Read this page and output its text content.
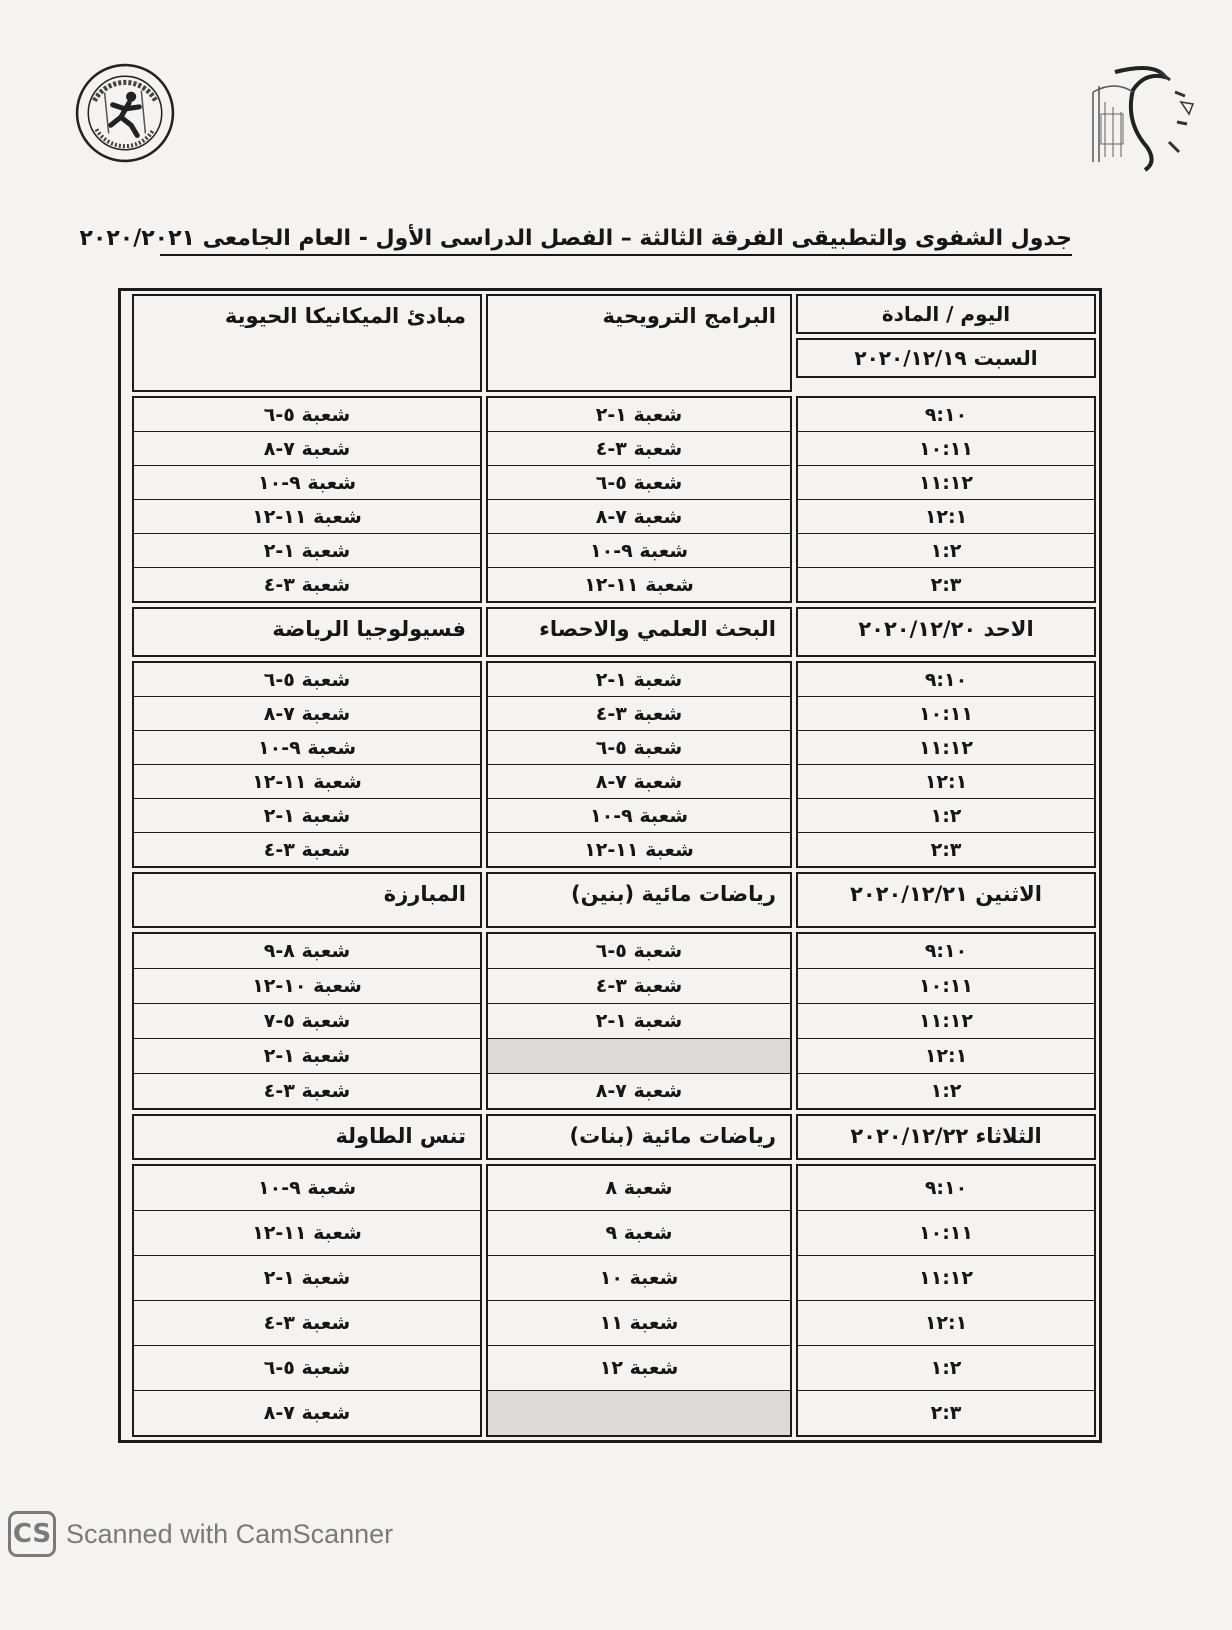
جدول الشفوى والتطبيقى الفرقة الثالثة – الفصل الدراسى الأول - العام الجامعى ٢٠٢٠/٢٠٢١
اليوم / المادة
السبت ٢٠٢٠/١٢/١٩
البرامج الترويحية
مبادئ الميكانيكا الحيوية
٩:١٠
١٠:١١
١١:١٢
١٢:١
١:٢
٢:٣
شعبة ١-٢
شعبة ٣-٤
شعبة ٥-٦
شعبة ٧-٨
شعبة ٩-١٠
شعبة ١١-١٢
شعبة ٥-٦
شعبة ٧-٨
شعبة ٩-١٠
شعبة ١١-١٢
شعبة ١-٢
شعبة ٣-٤
الاحد ٢٠٢٠/١٢/٢٠
البحث العلمي والاحصاء
فسيولوجيا الرياضة
٩:١٠
١٠:١١
١١:١٢
١٢:١
١:٢
٢:٣
شعبة ١-٢
شعبة ٣-٤
شعبة ٥-٦
شعبة ٧-٨
شعبة ٩-١٠
شعبة ١١-١٢
شعبة ٥-٦
شعبة ٧-٨
شعبة ٩-١٠
شعبة ١١-١٢
شعبة ١-٢
شعبة ٣-٤
الاثنين ٢٠٢٠/١٢/٢١
رياضات مائية (بنين)
المبارزة
٩:١٠
١٠:١١
١١:١٢
١٢:١
١:٢
شعبة ٥-٦
شعبة ٣-٤
شعبة ١-٢
شعبة ٧-٨
شعبة ٨-٩
شعبة ١٠-١٢
شعبة ٥-٧
شعبة ١-٢
شعبة ٣-٤
الثلاثاء ٢٠٢٠/١٢/٢٢
رياضات مائية (بنات)
تنس الطاولة
٩:١٠
١٠:١١
١١:١٢
١٢:١
١:٢
٢:٣
شعبة ٨
شعبة ٩
شعبة ١٠
شعبة ١١
شعبة ١٢
شعبة ٩-١٠
شعبة ١١-١٢
شعبة ١-٢
شعبة ٣-٤
شعبة ٥-٦
شعبة ٧-٨
CS Scanned with CamScanner
